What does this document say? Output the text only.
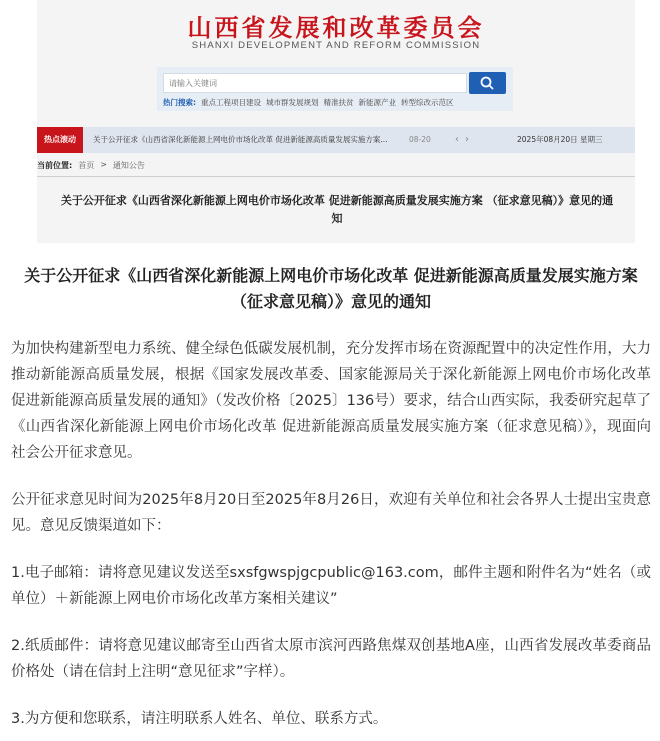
山西省发展和改革委员会
SHANXI DEVELOPMENT AND REFORM COMMISSION
请输入关键词
热门搜索: 重点工程项目建设 城市群发展规划 精准扶贫 新能源产业 转型综改示范区
热点滚动	关于公开征求《山西省深化新能源上网电价市场化改革 促进新能源高质量发展实施方案...	08-20 ‹ ›	2025年08月20日 星期三
当前位置: 首页 > 通知公告
关于公开征求《山西省深化新能源上网电价市场化改革 促进新能源高质量发展实施方案 （征求意见稿）》意见的通知
关于公开征求《山西省深化新能源上网电价市场化改革 促进新能源高质量发展实施方案（征求意见稿）》意见的通知

为加快构建新型电力系统、健全绿色低碳发展机制，充分发挥市场在资源配置中的决定性作用，大力推动新能源高质量发展，根据《国家发展改革委、国家能源局关于深化新能源上网电价市场化改革 促进新能源高质量发展的通知》（发改价格〔2025〕136号）要求，结合山西实际，我委研究起草了《山西省深化新能源上网电价市场化改革 促进新能源高质量发展实施方案（征求意见稿）》，现面向社会公开征求意见。

公开征求意见时间为2025年8月20日至2025年8月26日，欢迎有关单位和社会各界人士提出宝贵意见。意见反馈渠道如下：

1.电子邮箱：请将意见建议发送至sxsfgwspjgcpublic@163.com，邮件主题和附件名为“姓名（或单位）＋新能源上网电价市场化改革方案相关建议”

2.纸质邮件：请将意见建议邮寄至山西省太原市滨河西路焦煤双创基地A座，山西省发展改革委商品价格处（请在信封上注明“意见征求”字样）。

3.为方便和您联系，请注明联系人姓名、单位、联系方式。
